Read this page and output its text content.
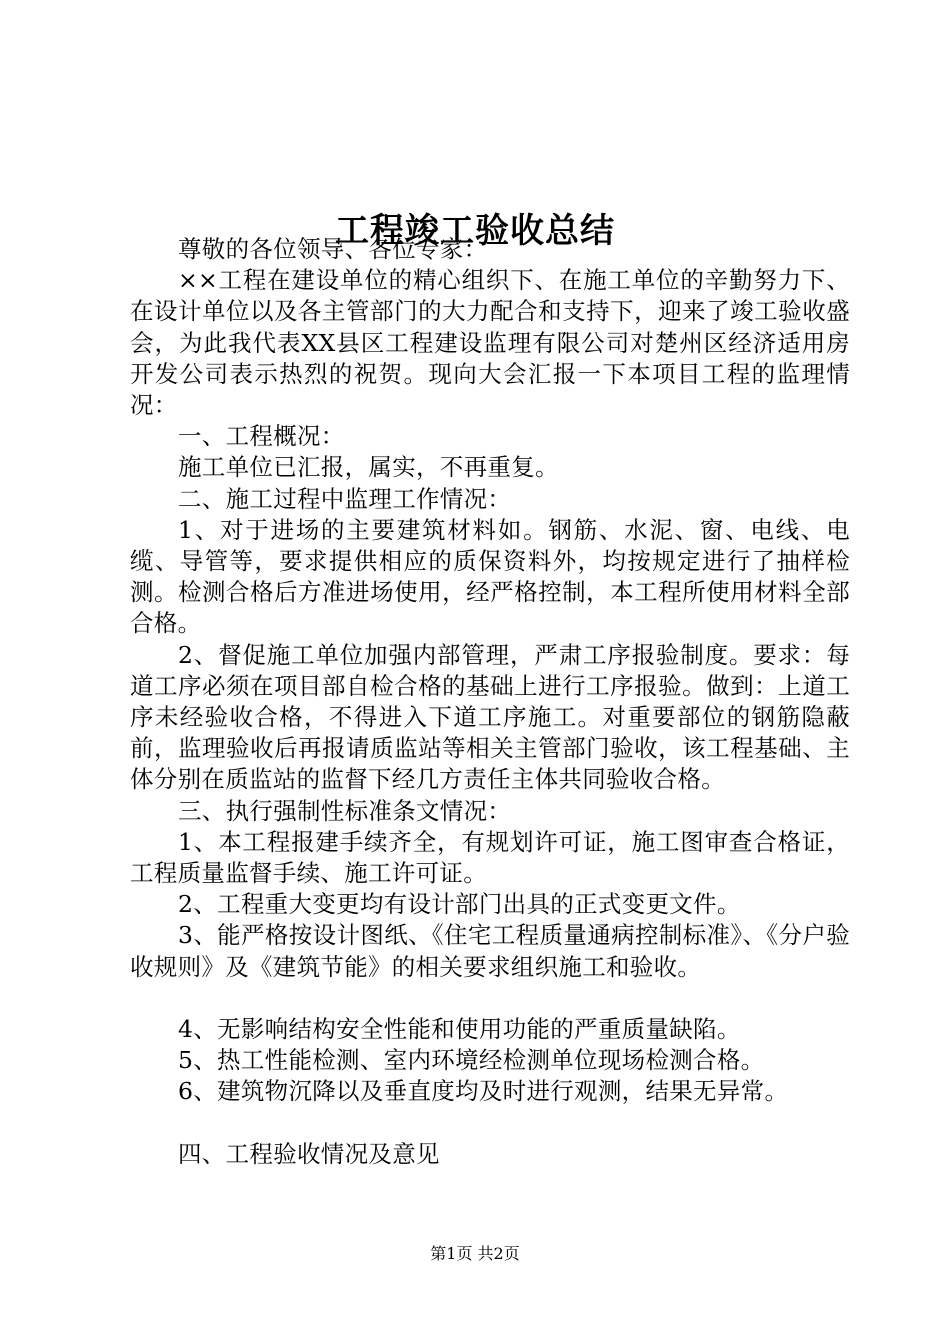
工程竣工验收总结

尊敬的各位领导、各位专家：

××工程在建设单位的精心组织下、在施工单位的辛勤努力下、在设计单位以及各主管部门的大力配合和支持下，迎来了竣工验收盛会，为此我代表XX县区工程建设监理有限公司对楚州区经济适用房开发公司表示热烈的祝贺。现向大会汇报一下本项目工程的监理情况：

一、工程概况：

施工单位已汇报，属实，不再重复。

二、施工过程中监理工作情况：

1、对于进场的主要建筑材料如。钢筋、水泥、窗、电线、电缆、导管等，要求提供相应的质保资料外，均按规定进行了抽样检测。检测合格后方准进场使用，经严格控制，本工程所使用材料全部合格。

2、督促施工单位加强内部管理，严肃工序报验制度。要求：每道工序必须在项目部自检合格的基础上进行工序报验。做到：上道工序未经验收合格，不得进入下道工序施工。对重要部位的钢筋隐蔽前，监理验收后再报请质监站等相关主管部门验收，该工程基础、主体分别在质监站的监督下经几方责任主体共同验收合格。

三、执行强制性标准条文情况：

1、本工程报建手续齐全，有规划许可证，施工图审查合格证，工程质量监督手续、施工许可证。

2、工程重大变更均有设计部门出具的正式变更文件。

3、能严格按设计图纸、《住宅工程质量通病控制标准》、《分户验收规则》及《建筑节能》的相关要求组织施工和验收。

4、无影响结构安全性能和使用功能的严重质量缺陷。

5、热工性能检测、室内环境经检测单位现场检测合格。

6、建筑物沉降以及垂直度均及时进行观测，结果无异常。

四、工程验收情况及意见

第1页 共2页
